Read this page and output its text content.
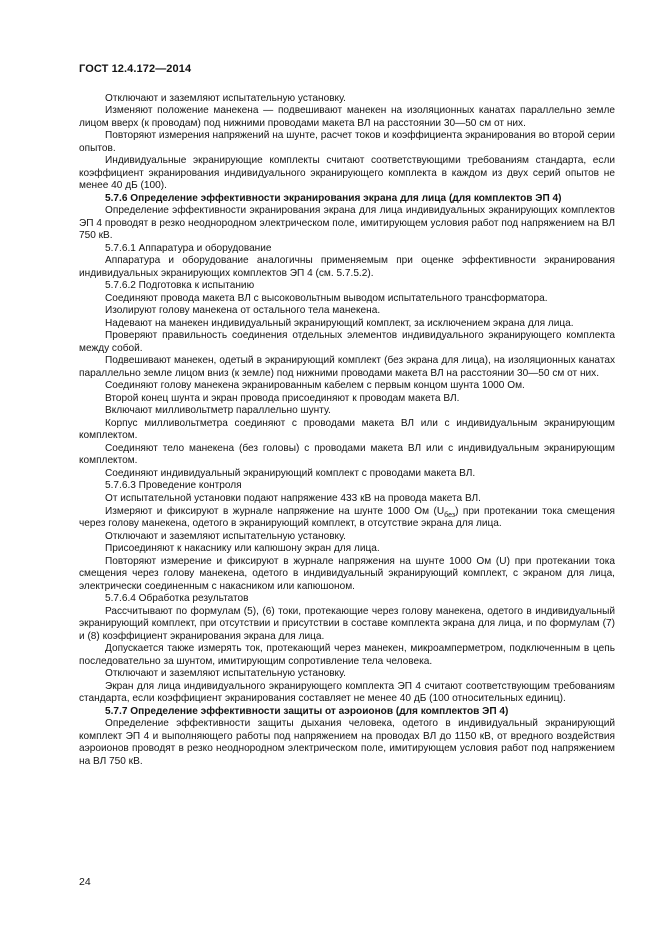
ГОСТ 12.4.172—2014

Отключают и заземляют испытательную установку.

Изменяют положение манекена — подвешивают манекен на изоляционных канатах параллельно земле лицом вверх (к проводам) под нижними проводами макета ВЛ на расстоянии 30—50 см от них.

Повторяют измерения напряжений на шунте, расчет токов и коэффициента экранирования во второй серии опытов.

Индивидуальные экранирующие комплекты считают соответствующими требованиям стандарта, если коэффициент экранирования индивидуального экранирующего комплекта в каждом из двух серий опытов не менее 40 дБ (100).

5.7.6 Определение эффективности экранирования экрана для лица (для комплектов ЭП 4)

Определение эффективности экранирования экрана для лица индивидуальных экранирующих комплектов ЭП 4 проводят в резко неоднородном электрическом поле, имитирующем условия работ под напряжением на ВЛ 750 кВ.

5.7.6.1 Аппаратура и оборудование

Аппаратура и оборудование аналогичны применяемым при оценке эффективности экранирования индивидуальных экранирующих комплектов ЭП 4 (см. 5.7.5.2).

5.7.6.2 Подготовка к испытанию

Соединяют провода макета ВЛ с высоковольтным выводом испытательного трансформатора.

Изолируют голову манекена от остального тела манекена.

Надевают на манекен индивидуальный экранирующий комплект, за исключением экрана для лица.

Проверяют правильность соединения отдельных элементов индивидуального экранирующего комплекта между собой.

Подвешивают манекен, одетый в экранирующий комплект (без экрана для лица), на изоляционных канатах параллельно земле лицом вниз (к земле) под нижними проводами макета ВЛ на расстоянии 30—50 см от них.

Соединяют голову манекена экранированным кабелем с первым концом шунта 1000 Ом.

Второй конец шунта и экран провода присоединяют к проводам макета ВЛ.

Включают милливольтметр параллельно шунту.

Корпус милливольтметра соединяют с проводами макета ВЛ или с индивидуальным экранирующим комплектом.

Соединяют тело манекена (без головы) с проводами макета ВЛ или с индивидуальным экранирующим комплектом.

Соединяют индивидуальный экранирующий комплект с проводами макета ВЛ.

5.7.6.3 Проведение контроля

От испытательной установки подают напряжение 433 кВ на провода макета ВЛ.

Измеряют и фиксируют в журнале напряжение на шунте 1000 Ом $(U_{без})$ при протекании тока смещения через голову манекена, одетого в экранирующий комплект, в отсутствие экрана для лица.

Отключают и заземляют испытательную установку.

Присоединяют к накаснику или капюшону экран для лица.

Повторяют измерение и фиксируют в журнале напряжения на шунте 1000 Ом (U) при протекании тока смещения через голову манекена, одетого в индивидуальный экранирующий комплект, с экраном для лица, электрически соединенным с накасником или капюшоном.

5.7.6.4 Обработка результатов

Рассчитывают по формулам (5), (6) токи, протекающие через голову манекена, одетого в индивидуальный экранирующий комплект, при отсутствии и присутствии в составе комплекта экрана для лица, и по формулам (7) и (8) коэффициент экранирования экрана для лица.

Допускается также измерять ток, протекающий через манекен, микроамперметром, подключенным в цепь последовательно за шунтом, имитирующим сопротивление тела человека.

Отключают и заземляют испытательную установку.

Экран для лица индивидуального экранирующего комплекта ЭП 4 считают соответствующим требованиям стандарта, если коэффициент экранирования составляет не менее 40 дБ (100 относительных единиц).

5.7.7 Определение эффективности защиты от аэроионов (для комплектов ЭП 4)

Определение эффективности защиты дыхания человека, одетого в индивидуальный экранирующий комплект ЭП 4 и выполняющего работы под напряжением на проводах ВЛ до 1150 кВ, от вредного воздействия аэроионов проводят в резко неоднородном электрическом поле, имитирующем условия работ под напряжением на ВЛ 750 кВ.

24
